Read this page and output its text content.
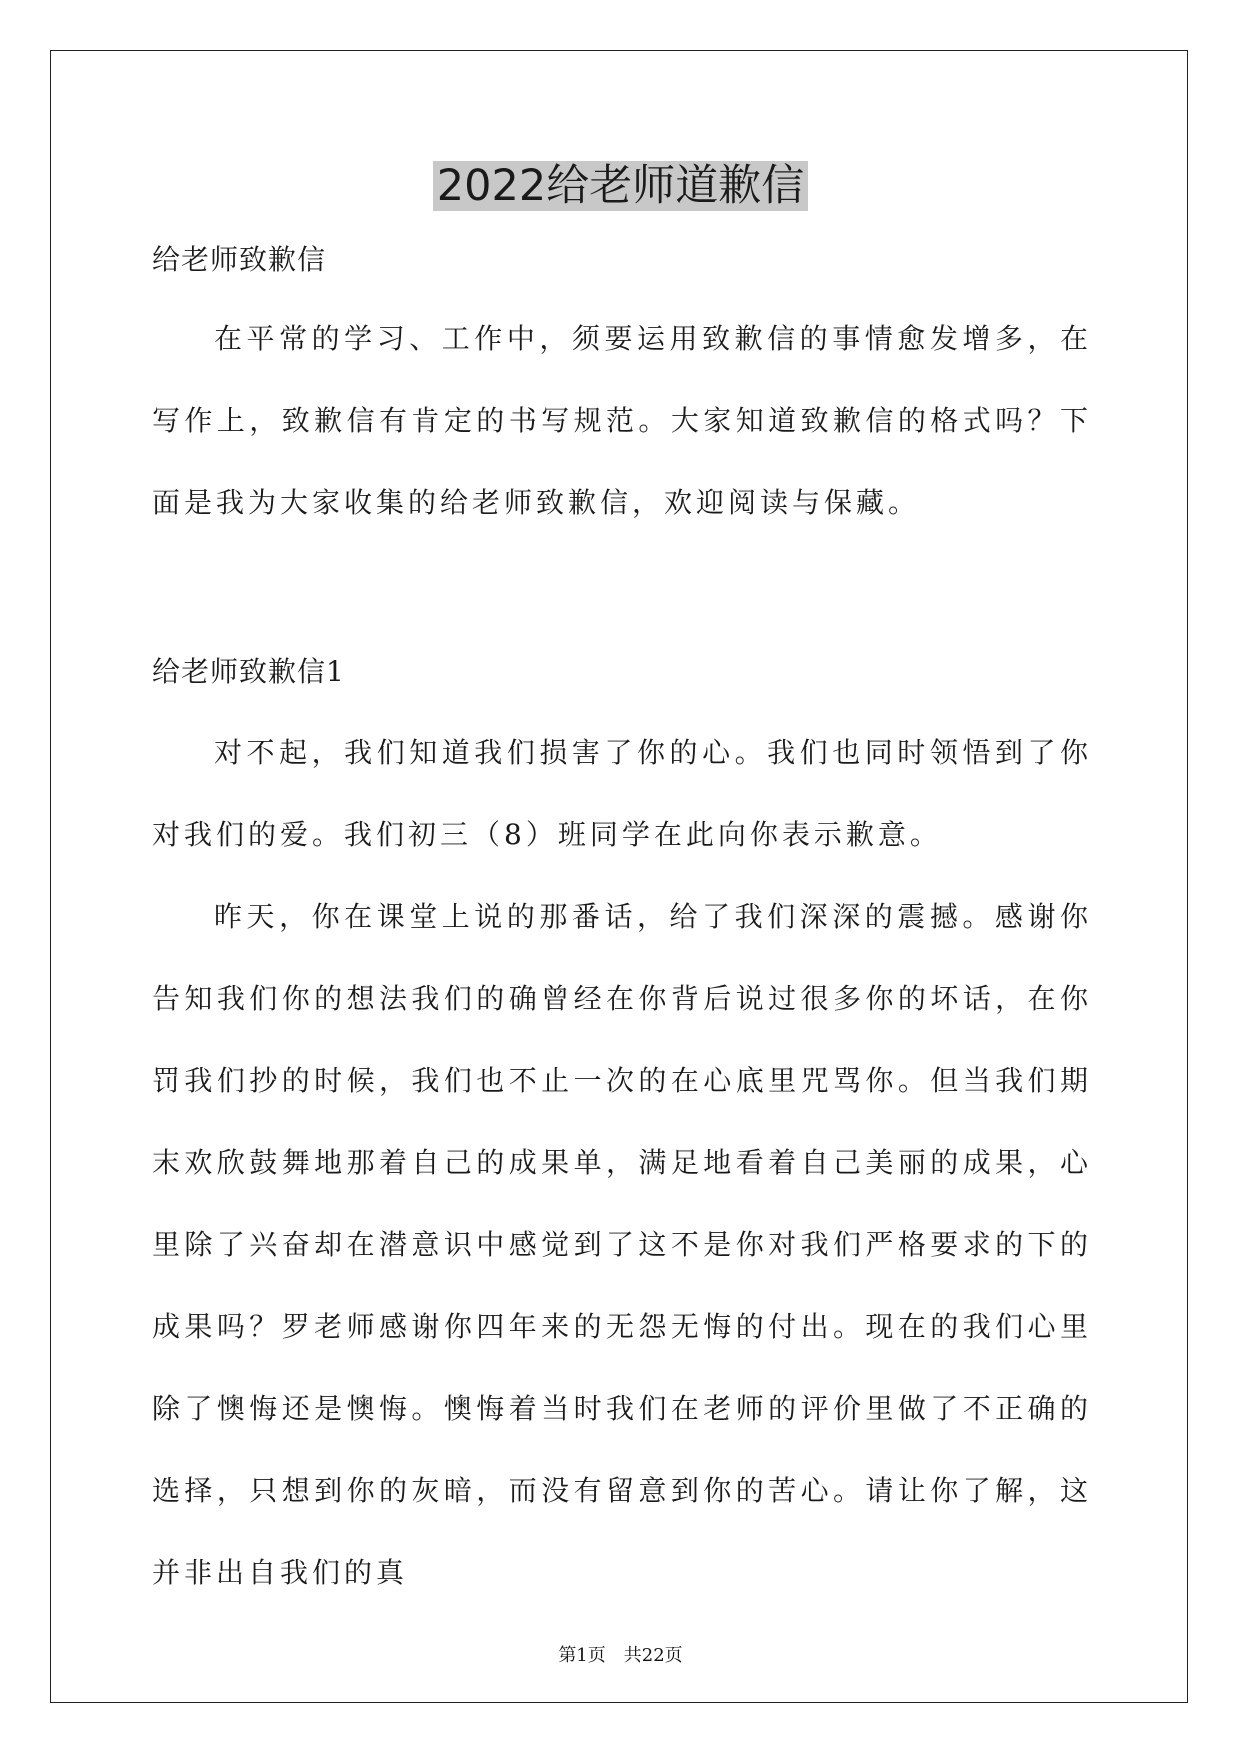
2022给老师道歉信

给老师致歉信

在平常的学习、工作中，须要运用致歉信的事情愈发增多，在写作上，致歉信有肯定的书写规范。大家知道致歉信的格式吗？下面是我为大家收集的给老师致歉信，欢迎阅读与保藏。

给老师致歉信1

对不起，我们知道我们损害了你的心。我们也同时领悟到了你对我们的爱。我们初三（8）班同学在此向你表示歉意。

昨天，你在课堂上说的那番话，给了我们深深的震撼。感谢你告知我们你的想法我们的确曾经在你背后说过很多你的坏话，在你罚我们抄的时候，我们也不止一次的在心底里咒骂你。但当我们期末欢欣鼓舞地那着自己的成果单，满足地看着自己美丽的成果，心里除了兴奋却在潜意识中感觉到了这不是你对我们严格要求的下的成果吗？罗老师感谢你四年来的无怨无悔的付出。现在的我们心里除了懊悔还是懊悔。懊悔着当时我们在老师的评价里做了不正确的选择，只想到你的灰暗，而没有留意到你的苦心。请让你了解，这并非出自我们的真

第1页 共22页
